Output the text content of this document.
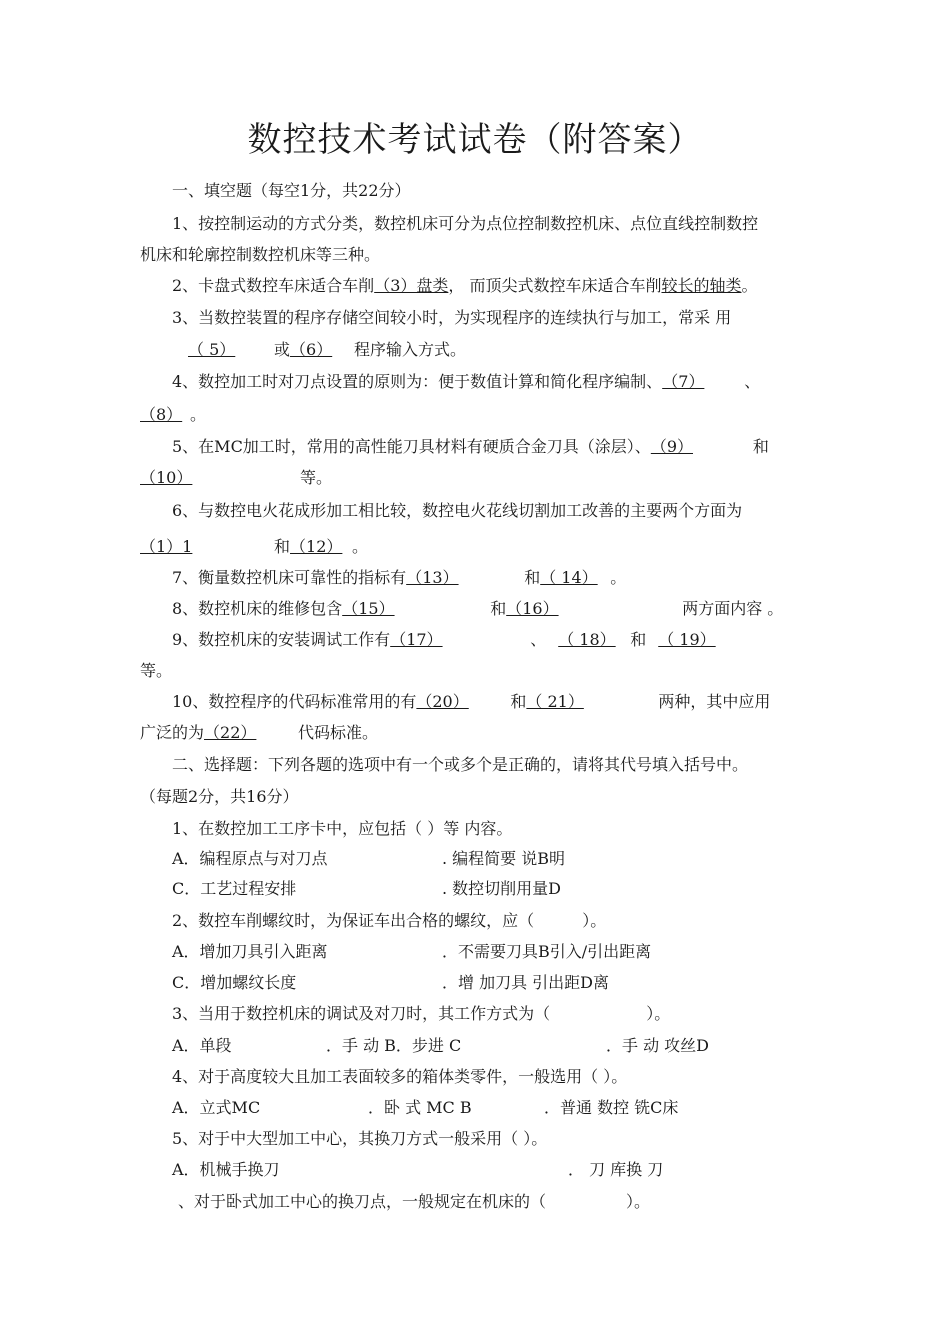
数控技术考试试卷（附答案）
一、填空题（每空1分，共22分）
1、按控制运动的方式分类，数控机床可分为点位控制数控机床、点位直线控制数控
机床和轮廓控制数控机床等三种。
2、卡盘式数控车床适合车削（3）盘类， 而顶尖式数控车床适合车削较长的轴类。
3、当数控装置的程序存储空间较小时，为实现程序的连续执行与加工，常采 用
（ 5） 或（6） 程序输入方式。
4、数控加工时对刀点设置的原则为：便于数值计算和简化程序编制、（7） 、
（8） 。
5、在MC加工时，常用的高性能刀具材料有硬质合金刀具（涂层）、（9）	和
（10）	等。
6、与数控电火花成形加工相比较，数控电火花线切割加工改善的主要两个方面为
（1）1	和（12） 。
7、衡量数控机床可靠性的指标有（13）	和（ 14） 。
8、数控机床的维修包含（15）	和（16）	两方面内容 。
9、数控机床的安装调试工作有（17）	、 （ 18） 和 （ 19）
等。
10、数控程序的代码标准常用的有（20）	和（ 21）	两种，其中应用
广泛的为（22）	代码标准。
二、选择题：下列各题的选项中有一个或多个是正确的，请将其代号填入括号中。
（每题2分，共16分）
1、在数控加工工序卡中，应包括（ ）等 内容。
A．编程原点与对刀点	. 编程简要 说B明
C．工艺过程安排	. 数控切削用量D
2、数控车削螺纹时，为保证车出合格的螺纹，应（	）。
A．增加刀具引入距离	．不需要刀具B引入/引出距离
C．增加螺纹长度	．增 加刀具 引出距D离
3、当用于数控机床的调试及对刀时，其工作方式为（	）。
A．单段	．手 动 B．步进 C	．手 动 攻丝D
4、对于高度较大且加工表面较多的箱体类零件，一般选用（ ）。
A．立式MC	．卧 式 MC B	．普通 数控 铣C床
5、对于中大型加工中心，其换刀方式一般采用（ ）。
A．机械手换刀	． 刀 库换 刀
、对于卧式加工中心的换刀点，一般规定在机床的（	）。
